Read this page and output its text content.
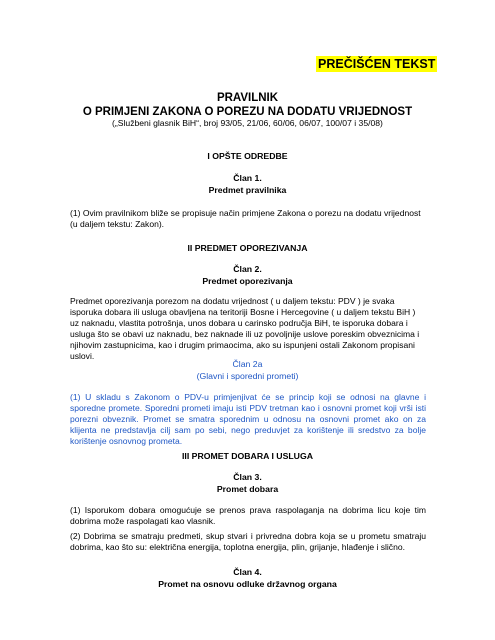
PREČIŠĆEN TEKST
PRAVILNIK
O PRIMJENI ZAKONA O POREZU NA DODATU VRIJEDNOST
(„Službeni glasnik BiH“, broj 93/05, 21/06, 60/06, 06/07, 100/07 i 35/08)
I OPŠTE ODREDBE
Član 1.
Predmet pravilnika
(1) Ovim pravilnikom bliže se propisuje način primjene Zakona o porezu na dodatu vrijednost (u daljem tekstu: Zakon).
II PREDMET OPOREZIVANJA
Član 2.
Predmet oporezivanja
Predmet oporezivanja porezom na dodatu vrijednost ( u daljem tekstu: PDV ) je svaka isporuka dobara ili usluga obavljena na teritoriji Bosne i Hercegovine ( u daljem tekstu BiH ) uz naknadu, vlastita potrošnja, unos dobara u carinsko područja BiH, te isporuka dobara i usluga što se obavi uz naknadu, bez naknade ili uz povoljnije uslove poreskim obveznicima i njihovim zastupnicima, kao i drugim primaocima, ako su ispunjeni ostali Zakonom propisani uslovi.
Član 2a
(Glavni i sporedni prometi)
(1) U skladu s Zakonom o PDV-u primjenjivat će se princip koji se odnosi na glavne i sporedne promete. Sporedni prometi imaju isti PDV tretman kao i osnovni promet koji vrši isti porezni obveznik. Promet se smatra sporednim u odnosu na osnovni promet ako on za klijenta ne predstavlja cilj sam po sebi, nego preduvjet za korištenje ili sredstvo za bolje korištenje osnovnog prometa.
III PROMET DOBARA I USLUGA
Član 3.
Promet dobara
(1) Isporukom dobara omogućuje se prenos prava raspolaganja na dobrima licu koje tim dobrima može raspolagati kao vlasnik.
(2) Dobrima se smatraju predmeti, skup stvari i privredna dobra koja se u prometu smatraju dobrima, kao što su: električna energija, toplotna energija, plin, grijanje, hlađenje i slično.
Član 4.
Promet na osnovu odluke državnog organa
